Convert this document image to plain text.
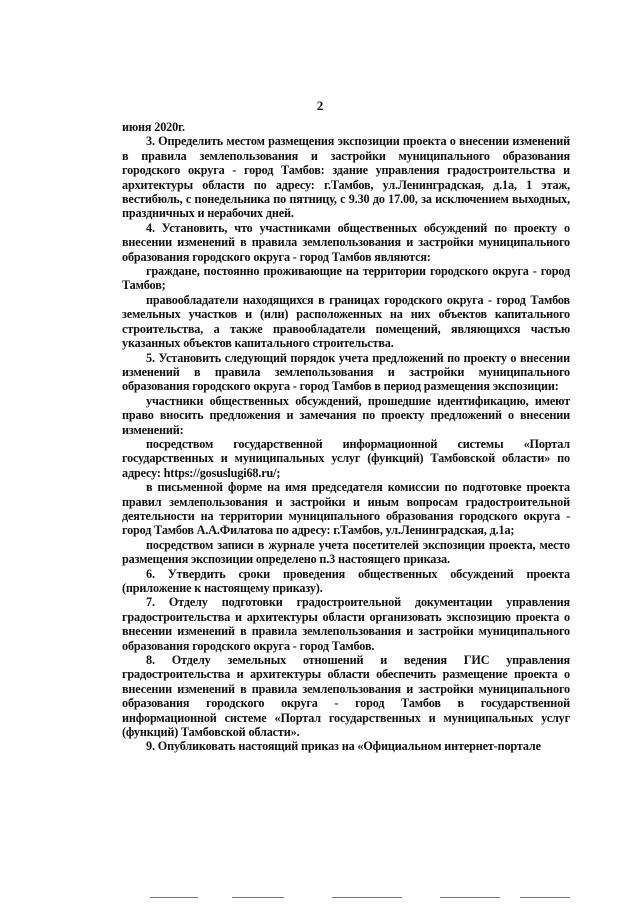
2

июня 2020г.

3. Определить местом размещения экспозиции проекта о внесении изменений в правила землепользования и застройки муниципального образования городского округа - город Тамбов: здание управления градостроительства и архитектуры области по адресу: г.Тамбов, ул.Ленинградская, д.1а, 1 этаж, вестибюль, с понедельника по пятницу, с 9.30 до 17.00, за исключением выходных, праздничных и нерабочих дней.

4. Установить, что участниками общественных обсуждений по проекту о внесении изменений в правила землепользования и застройки муниципального образования городского округа - город Тамбов являются:

граждане, постоянно проживающие на территории городского округа - город Тамбов;

правообладатели находящихся в границах городского округа - город Тамбов земельных участков и (или) расположенных на них объектов капитального строительства, а также правообладатели помещений, являющихся частью указанных объектов капитального строительства.

5. Установить следующий порядок учета предложений по проекту о внесении изменений в правила землепользования и застройки муниципального образования городского округа - город Тамбов в период размещения экспозиции:

участники общественных обсуждений, прошедшие идентификацию, имеют право вносить предложения и замечания по проекту предложений о внесении изменений:

посредством государственной информационной системы «Портал государственных и муниципальных услуг (функций) Тамбовской области» по адресу: https://gosuslugi68.ru/;

в письменной форме на имя председателя комиссии по подготовке проекта правил землепользования и застройки и иным вопросам градостроительной деятельности на территории муниципального образования городского округа - город Тамбов А.А.Филатова по адресу: г.Тамбов, ул.Ленинградская, д.1а;

посредством записи в журнале учета посетителей экспозиции проекта, место размещения экспозиции определено п.3 настоящего приказа.

6. Утвердить сроки проведения общественных обсуждений проекта (приложение к настоящему приказу).

7. Отделу подготовки градостроительной документации управления градостроительства и архитектуры области организовать экспозицию проекта о внесении изменений в правила землепользования и застройки муниципального образования городского округа - город Тамбов.

8. Отделу земельных отношений и ведения ГИС управления градостроительства и архитектуры области обеспечить размещение проекта о внесении изменений в правила землепользования и застройки муниципального образования городского округа - город Тамбов в государственной информационной системе «Портал государственных и муниципальных услуг (функций) Тамбовской области».

9. Опубликовать настоящий приказ на «Официальном интернет-портале
